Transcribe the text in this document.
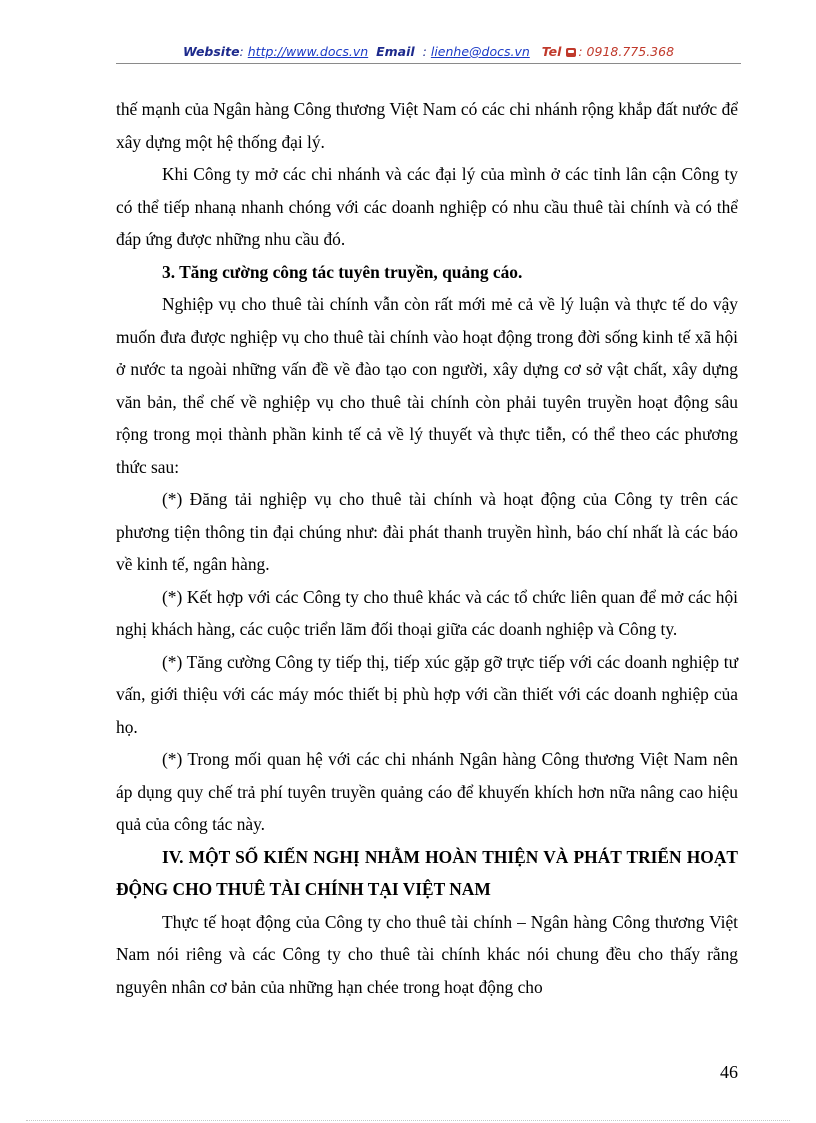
Website: http://www.docs.vn Email : lienhe@docs.vn Tel : 0918.775.368

thế mạnh của Ngân hàng Công thương Việt Nam có các chi nhánh rộng khắp đất nước để xây dựng một hệ thống đại lý.

Khi Công ty mở các chi nhánh và các đại lý của mình ở các tỉnh lân cận Công ty có thể tiếp nhanạ nhanh chóng với các doanh nghiệp có nhu cầu thuê tài chính và có thể đáp ứng được những nhu cầu đó.

3. Tăng cường công tác tuyên truyền, quảng cáo.

Nghiệp vụ cho thuê tài chính vẫn còn rất mới mẻ cả về lý luận và thực tế do vậy muốn đưa được nghiệp vụ cho thuê tài chính vào hoạt động trong đời sống kinh tế xã hội ở nước ta ngoài những vấn đề về đào tạo con người, xây dựng cơ sở vật chất, xây dựng văn bản, thể chế về nghiệp vụ cho thuê tài chính còn phải tuyên truyền hoạt động sâu rộng trong mọi thành phần kinh tế cả về lý thuyết và thực tiễn, có thể theo các phương thức sau:

(*) Đăng tải nghiệp vụ cho thuê tài chính và hoạt động của Công ty trên các phương tiện thông tin đại chúng như: đài phát thanh truyền hình, báo chí nhất là các báo về kinh tế, ngân hàng.

(*) Kết hợp với các Công ty cho thuê khác và các tổ chức liên quan để mở các hội nghị khách hàng, các cuộc triển lãm đối thoại giữa các doanh nghiệp và Công ty.

(*) Tăng cường Công ty tiếp thị, tiếp xúc gặp gỡ trực tiếp với các doanh nghiệp tư vấn, giới thiệu với các máy móc thiết bị phù hợp với cần thiết với các doanh nghiệp của họ.

(*) Trong mối quan hệ với các chi nhánh Ngân hàng Công thương Việt Nam nên áp dụng quy chế trả phí tuyên truyền quảng cáo để khuyến khích hơn nữa nâng cao hiệu quả của công tác này.

IV. MỘT SỐ KIẾN NGHỊ NHẰM HOÀN THIỆN VÀ PHÁT TRIỂN HOẠT ĐỘNG CHO THUÊ TÀI CHÍNH TẠI VIỆT NAM

Thực tế hoạt động của Công ty cho thuê tài chính – Ngân hàng Công thương Việt Nam nói riêng và các Công ty cho thuê tài chính khác nói chung đều cho thấy rằng nguyên nhân cơ bản của những hạn chée trong hoạt động cho

46
